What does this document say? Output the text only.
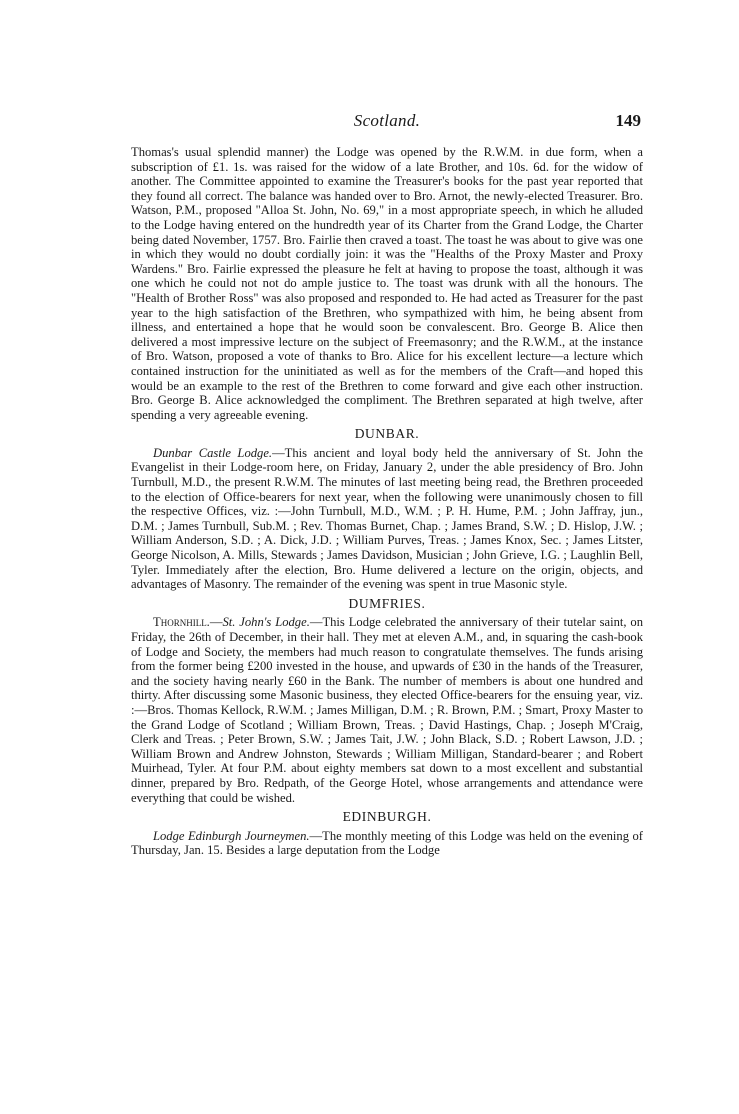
Scotland.	149

Thomas's usual splendid manner) the Lodge was opened by the R.W.M. in due form, when a subscription of £1. 1s. was raised for the widow of a late Brother, and 10s. 6d. for the widow of another. The Committee appointed to examine the Treasurer's books for the past year reported that they found all correct. The balance was handed over to Bro. Arnot, the newly-elected Treasurer. Bro. Watson, P.M., proposed "Alloa St. John, No. 69," in a most appropriate speech, in which he alluded to the Lodge having entered on the hundredth year of its Charter from the Grand Lodge, the Charter being dated November, 1757. Bro. Fairlie then craved a toast. The toast he was about to give was one in which they would no doubt cordially join: it was the "Healths of the Proxy Master and Proxy Wardens." Bro. Fairlie expressed the pleasure he felt at having to propose the toast, although it was one which he could not not do ample justice to. The toast was drunk with all the honours. The "Health of Brother Ross" was also proposed and responded to. He had acted as Treasurer for the past year to the high satisfaction of the Brethren, who sympathized with him, he being absent from illness, and entertained a hope that he would soon be convalescent. Bro. George B. Alice then delivered a most impressive lecture on the subject of Freemasonry; and the R.W.M., at the instance of Bro. Watson, proposed a vote of thanks to Bro. Alice for his excellent lecture—a lecture which contained instruction for the uninitiated as well as for the members of the Craft—and hoped this would be an example to the rest of the Brethren to come forward and give each other instruction. Bro. George B. Alice acknowledged the compliment. The Brethren separated at high twelve, after spending a very agreeable evening.

DUNBAR.

Dunbar Castle Lodge.—This ancient and loyal body held the anniversary of St. John the Evangelist in their Lodge-room here, on Friday, January 2, under the able presidency of Bro. John Turnbull, M.D., the present R.W.M. The minutes of last meeting being read, the Brethren proceeded to the election of Office-bearers for next year, when the following were unanimously chosen to fill the respective Offices, viz. :—John Turnbull, M.D., W.M. ; P. H. Hume, P.M. ; John Jaffray, jun., D.M. ; James Turnbull, Sub.M. ; Rev. Thomas Burnet, Chap. ; James Brand, S.W. ; D. Hislop, J.W. ; William Anderson, S.D. ; A. Dick, J.D. ; William Purves, Treas. ; James Knox, Sec. ; James Litster, George Nicolson, A. Mills, Stewards ; James Davidson, Musician ; John Grieve, I.G. ; Laughlin Bell, Tyler. Immediately after the election, Bro. Hume delivered a lecture on the origin, objects, and advantages of Masonry. The remainder of the evening was spent in true Masonic style.

DUMFRIES.

Thornhill.—St. John's Lodge.—This Lodge celebrated the anniversary of their tutelar saint, on Friday, the 26th of December, in their hall. They met at eleven A.M., and, in squaring the cash-book of Lodge and Society, the members had much reason to congratulate themselves. The funds arising from the former being £200 invested in the house, and upwards of £30 in the hands of the Treasurer, and the society having nearly £60 in the Bank. The number of members is about one hundred and thirty. After discussing some Masonic business, they elected Office-bearers for the ensuing year, viz. :—Bros. Thomas Kellock, R.W.M. ; James Milligan, D.M. ; R. Brown, P.M. ; Smart, Proxy Master to the Grand Lodge of Scotland ; William Brown, Treas. ; David Hastings, Chap. ; Joseph M'Craig, Clerk and Treas. ; Peter Brown, S.W. ; James Tait, J.W. ; John Black, S.D. ; Robert Lawson, J.D. ; William Brown and Andrew Johnston, Stewards ; William Milligan, Standard-bearer ; and Robert Muirhead, Tyler. At four P.M. about eighty members sat down to a most excellent and substantial dinner, prepared by Bro. Redpath, of the George Hotel, whose arrangements and attendance were everything that could be wished.

EDINBURGH.

Lodge Edinburgh Journeymen.—The monthly meeting of this Lodge was held on the evening of Thursday, Jan. 15. Besides a large deputation from the Lodge
